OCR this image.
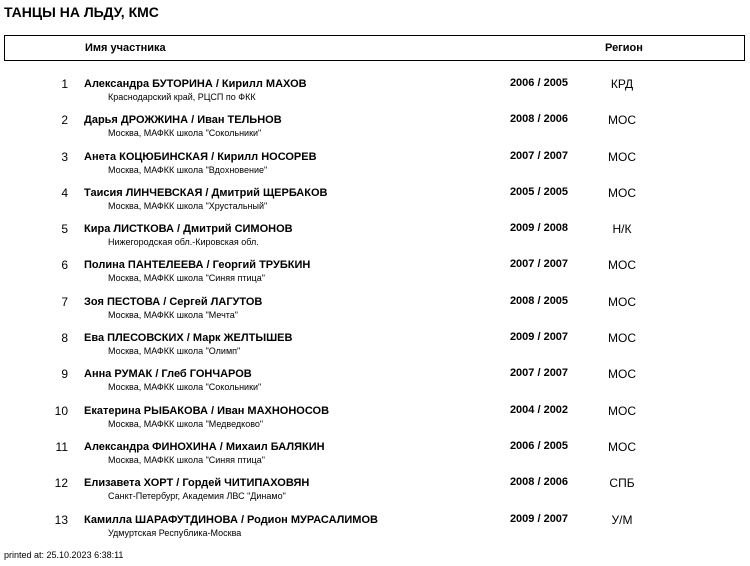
ТАНЦЫ НА ЛЬДУ, КМС
Имя участника	Регион
1 Александра БУТОРИНА / Кирилл МАХОВ
Краснодарский край, РЦСП по ФКК
2006 / 2005	КРД
2 Дарья ДРОЖЖИНА / Иван ТЕЛЬНОВ
Москва, МАФКК школа "Сокольники"
2008 / 2006	МОС
3 Анета КОЦЮБИНСКАЯ / Кирилл НОСОРЕВ
Москва, МАФКК школа "Вдохновение"
2007 / 2007	МОС
4 Таисия ЛИНЧЕВСКАЯ / Дмитрий ЩЕРБАКОВ
Москва, МАФКК школа "Хрустальный"
2005 / 2005	МОС
5 Кира ЛИСТКОВА / Дмитрий СИМОНОВ
Нижегородская обл.-Кировская обл.
2009 / 2008	Н/К
6 Полина ПАНТЕЛЕЕВА / Георгий ТРУБКИН
Москва, МАФКК школа "Синяя птица"
2007 / 2007	МОС
7 Зоя ПЕСТОВА / Сергей ЛАГУТОВ
Москва, МАФКК школа "Мечта"
2008 / 2005	МОС
8 Ева ПЛЕСОВСКИХ / Марк ЖЕЛТЫШЕВ
Москва, МАФКК школа "Олимп"
2009 / 2007	МОС
9 Анна РУМАК / Глеб ГОНЧАРОВ
Москва, МАФКК школа "Сокольники"
2007 / 2007	МОС
10 Екатерина РЫБАКОВА / Иван МАХНОНОСОВ
Москва, МАФКК школа "Медведково"
2004 / 2002	МОС
11 Александра ФИНОХИНА / Михаил БАЛЯКИН
Москва, МАФКК школа "Синяя птица"
2006 / 2005	МОС
12 Елизавета ХОРТ / Гордей ЧИТИПАХОВЯН
Санкт-Петербург, Академия ЛВС "Динамо"
2008 / 2006	СПБ
13 Камилла ШАРАФУТДИНОВА / Родион МУРАСАЛИМОВ
Удмуртская Республика-Москва
2009 / 2007	У/М
printed at: 25.10.2023 6:38:11
